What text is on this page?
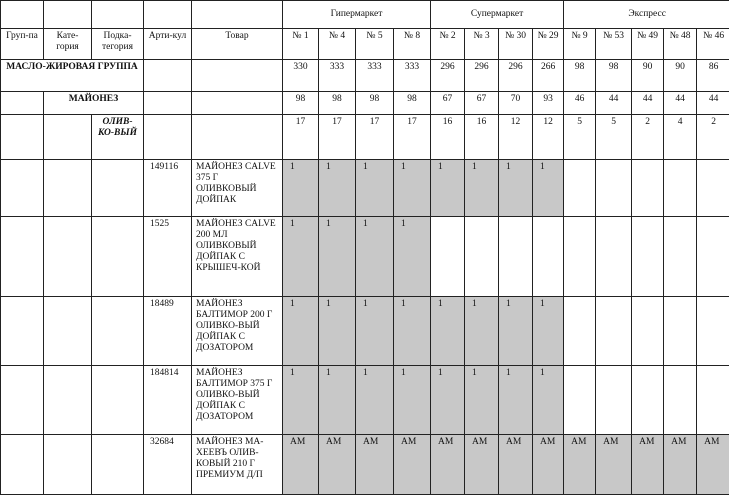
					Гипермаркет				Супермаркет				Экспресс				
Груп-па	Кате-гория	Подка-тегория	Арти-кул	Товар	№ 1	№ 4	№ 5	№ 8	№ 2	№ 3	№ 30	№ 29	№ 9	№ 53	№ 49	№ 48	№ 46
МАСЛО-ЖИРОВАЯ ГРУППА					330	333	333	333	296	296	296	266	98	98	90	90	86
	МАЙОНЕЗ				98	98	98	98	67	67	70	93	46	44	44	44	44
		ОЛИВ-КО-ВЫЙ			17	17	17	17	16	16	12	12	5	5	2	4	2
			149116	МАЙОНЕЗ CALVE 375 Г ОЛИВКОВЫЙ ДОЙПАК	1	1	1	1	1	1	1	1					
			1525	МАЙОНЕЗ CALVE 200 МЛ ОЛИВКОВЫЙ ДОЙПАК С КРЫШЕЧ-КОЙ	1	1	1	1									
			18489	МАЙОНЕЗ БАЛТИМОР 200 Г ОЛИВКО-ВЫЙ ДОЙПАК С ДОЗАТОРОМ	1	1	1	1	1	1	1	1					
			184814	МАЙОНЕЗ БАЛТИМОР 375 Г ОЛИВКО-ВЫЙ ДОЙПАК С ДОЗАТОРОМ	1	1	1	1	1	1	1	1					
			32684	МАЙОНЕЗ МА-ХЕЕВЪ ОЛИВ-КОВЫЙ 210 Г ПРЕМИУМ Д/П	АМ	АМ	АМ	АМ	АМ	АМ	АМ	АМ	АМ	АМ	АМ	АМ	АМ
